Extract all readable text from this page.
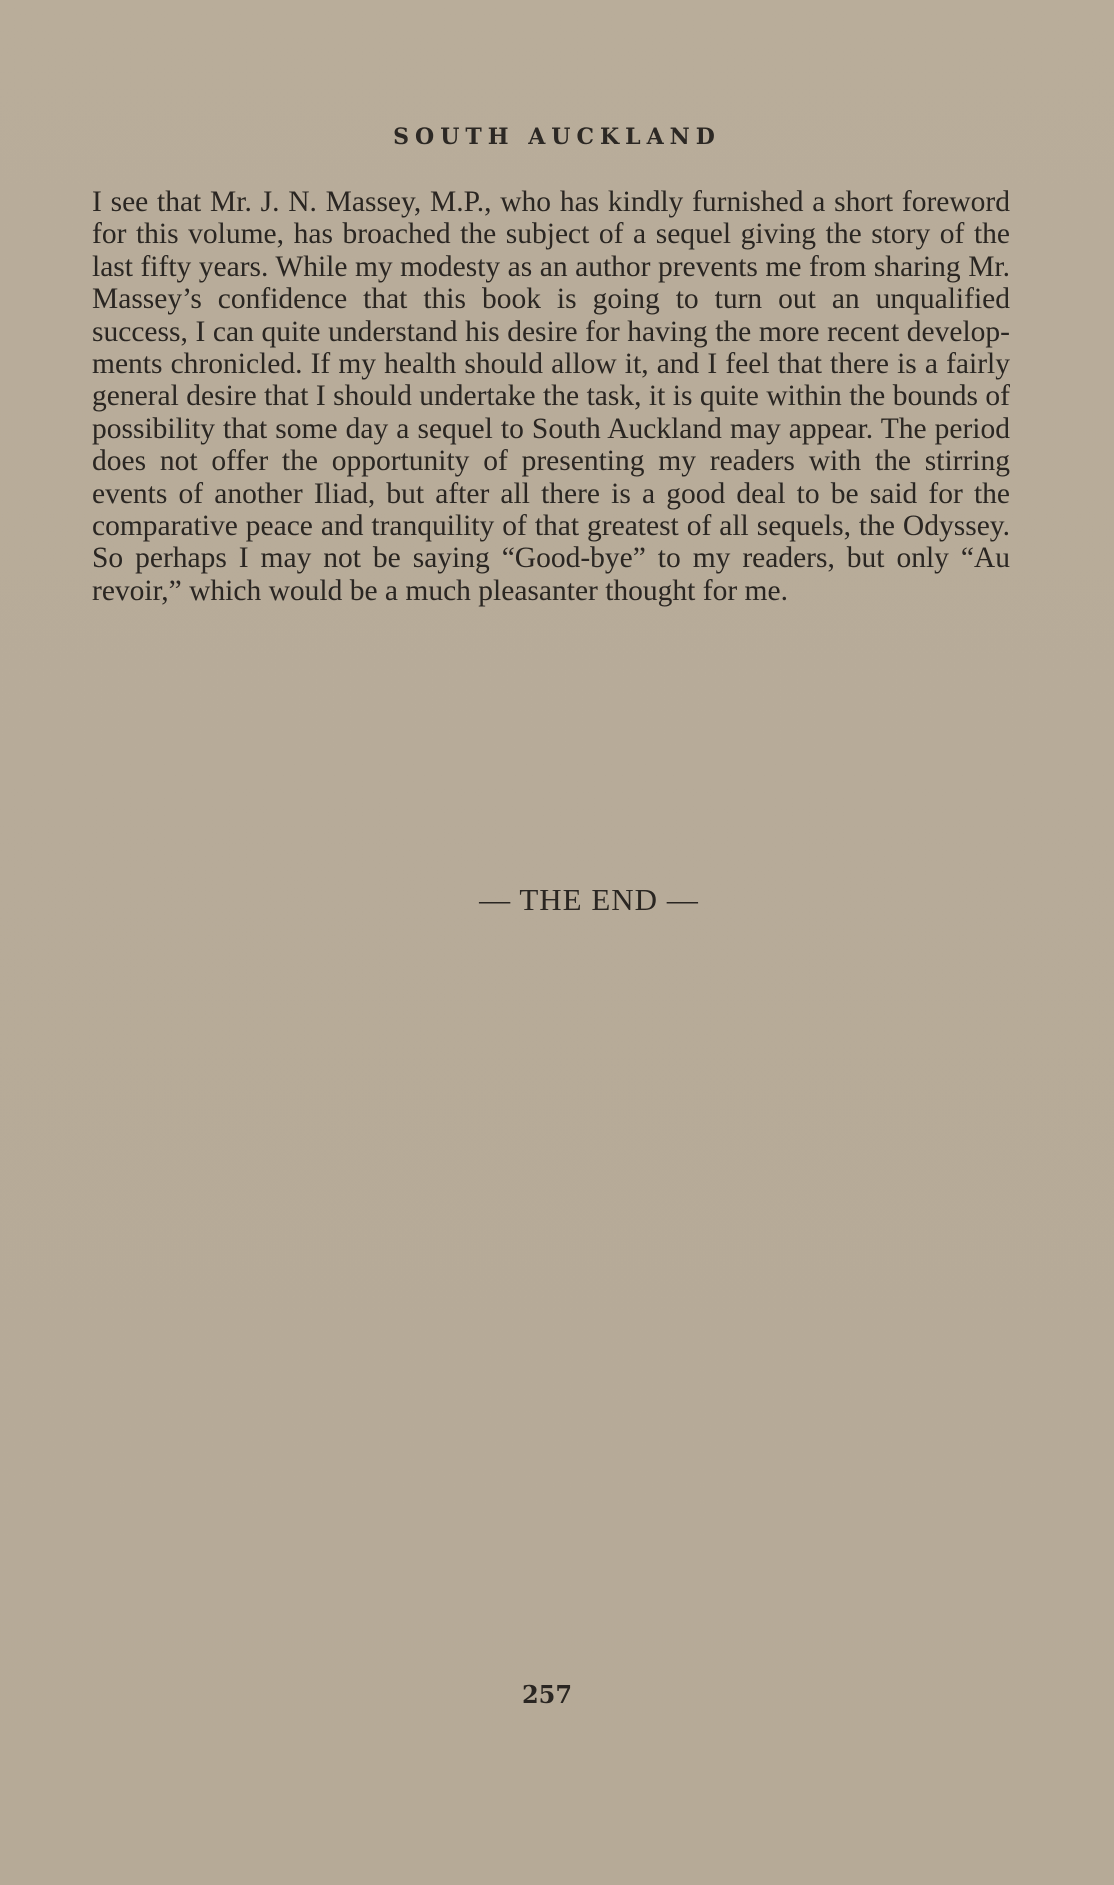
SOUTH AUCKLAND

I see that Mr. J. N. Massey, M.P., who has kindly furnished a short foreword for this volume, has broached the subject of a sequel giving the story of the last fifty years. While my modesty as an author prevents me from sharing Mr. Massey’s confidence that this book is going to turn out an unqualified success, I can quite understand his desire for having the more recent develop-ments chronicled. If my health should allow it, and I feel that there is a fairly general desire that I should undertake the task, it is quite within the bounds of possibility that some day a sequel to South Auckland may appear. The period does not offer the opportunity of presenting my readers with the stirring events of another Iliad, but after all there is a good deal to be said for the comparative peace and tranquility of that greatest of all sequels, the Odyssey. So perhaps I may not be saying “Good-bye” to my readers, but only “Au revoir,” which would be a much pleasanter thought for me.

— THE END —
257
